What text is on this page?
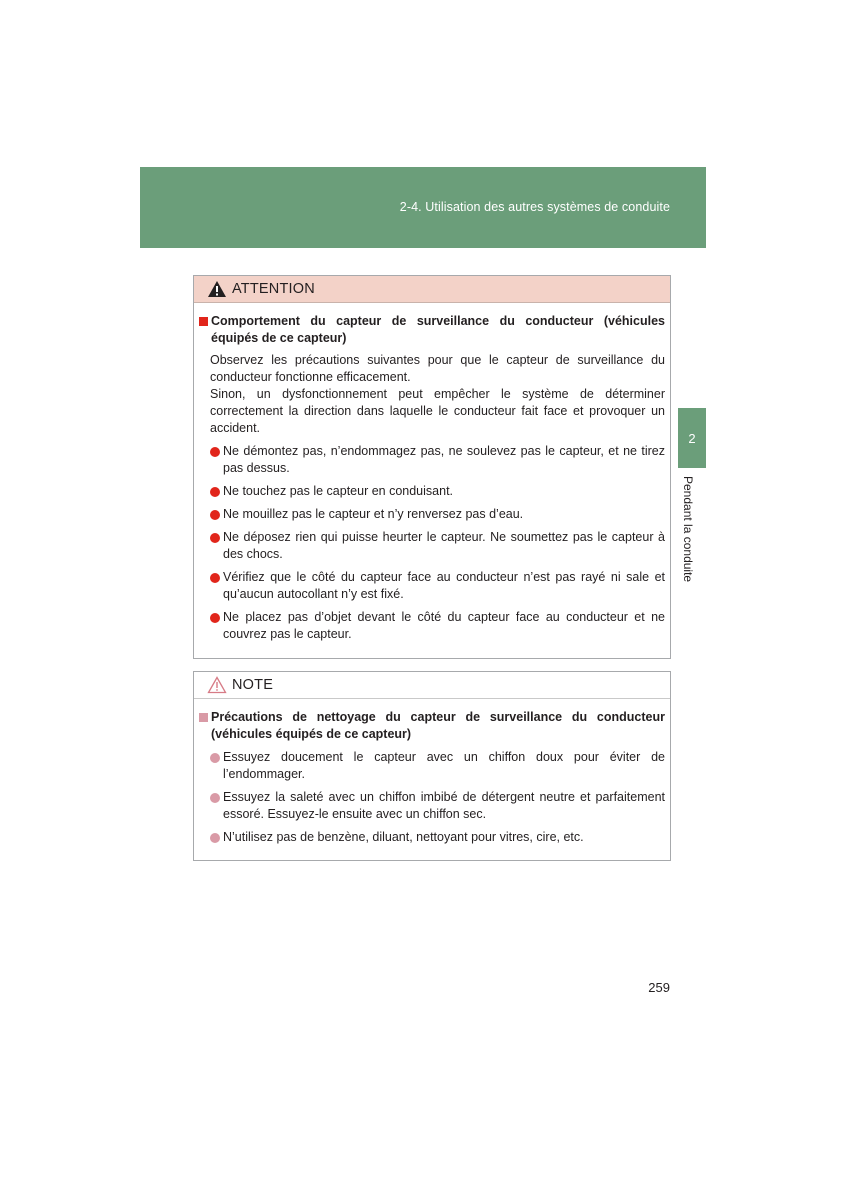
2-4. Utilisation des autres systèmes de conduite
2
Pendant la conduite
ATTENTION
Comportement du capteur de surveillance du conducteur (véhicules équipés de ce capteur)
Observez les précautions suivantes pour que le capteur de surveillance du conducteur fonctionne efficacement.
Sinon, un dysfonctionnement peut empêcher le système de déterminer correctement la direction dans laquelle le conducteur fait face et provoquer un accident.
Ne démontez pas, n’endommagez pas, ne soulevez pas le capteur, et ne tirez pas dessus.
Ne touchez pas le capteur en conduisant.
Ne mouillez pas le capteur et n’y renversez pas d’eau.
Ne déposez rien qui puisse heurter le capteur. Ne soumettez pas le capteur à des chocs.
Vérifiez que le côté du capteur face au conducteur n’est pas rayé ni sale et qu’aucun autocollant n’y est fixé.
Ne placez pas d’objet devant le côté du capteur face au conducteur et ne couvrez pas le capteur.
NOTE
Précautions de nettoyage du capteur de surveillance du conducteur (véhicules équipés de ce capteur)
Essuyez doucement le capteur avec un chiffon doux pour éviter de l’endommager.
Essuyez la saleté avec un chiffon imbibé de détergent neutre et parfaitement essoré. Essuyez-le ensuite avec un chiffon sec.
N’utilisez pas de benzène, diluant, nettoyant pour vitres, cire, etc.
259
